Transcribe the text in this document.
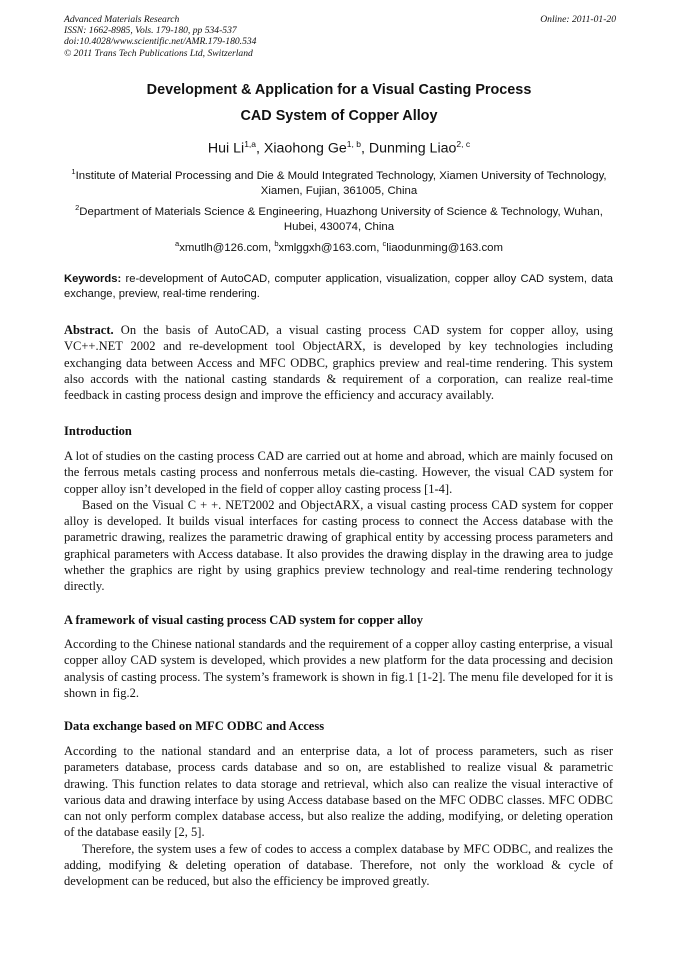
Advanced Materials Research
ISSN: 1662-8985, Vols. 179-180, pp 534-537
doi:10.4028/www.scientific.net/AMR.179-180.534
© 2011 Trans Tech Publications Ltd, Switzerland
Online: 2011-01-20
Development & Application for a Visual Casting Process
CAD System of Copper Alloy
Hui Li$^{1,a}$, Xiaohong Ge$^{1, b}$, Dunming Liao$^{2, c}$
$^1$Institute of Material Processing and Die & Mould Integrated Technology, Xiamen University of Technology, Xiamen, Fujian, 361005, China
$^2$Department of Materials Science & Engineering, Huazhong University of Science & Technology, Wuhan, Hubei, 430074, China
$^a$xmutlh@126.com, $^b$xmlggxh@163.com, $^c$liaodunming@163.com
Keywords: re-development of AutoCAD, computer application, visualization, copper alloy CAD system, data exchange, preview, real-time rendering.
Abstract. On the basis of AutoCAD, a visual casting process CAD system for copper alloy, using VC++.NET 2002 and re-development tool ObjectARX, is developed by key technologies including exchanging data between Access and MFC ODBC, graphics preview and real-time rendering. This system also accords with the national casting standards & requirement of a corporation, can realize real-time feedback in casting process design and improve the efficiency and accuracy availably.
Introduction

A lot of studies on the casting process CAD are carried out at home and abroad, which are mainly focused on the ferrous metals casting process and nonferrous metals die-casting. However, the visual CAD system for copper alloy isn’t developed in the field of copper alloy casting process [1-4].

Based on the Visual C + +. NET2002 and ObjectARX, a visual casting process CAD system for copper alloy is developed. It builds visual interfaces for casting process to connect the Access database with the parametric drawing, realizes the parametric drawing of graphical entity by accessing process parameters and graphical parameters with Access database. It also provides the drawing display in the drawing area to judge whether the graphics are right by using graphics preview technology and real-time rendering technology directly.

A framework of visual casting process CAD system for copper alloy

According to the Chinese national standards and the requirement of a copper alloy casting enterprise, a visual copper alloy CAD system is developed, which provides a new platform for the data processing and decision analysis of casting process. The system’s framework is shown in fig.1 [1-2]. The menu file developed for it is shown in fig.2.

Data exchange based on MFC ODBC and Access

According to the national standard and an enterprise data, a lot of process parameters, such as riser parameters database, process cards database and so on, are established to realize visual & parametric drawing. This function relates to data storage and retrieval, which also can realize the visual interactive of various data and drawing interface by using Access database based on the MFC ODBC classes. MFC ODBC can not only perform complex database access, but also realize the adding, modifying, or deleting operation of the database easily [2, 5].

Therefore, the system uses a few of codes to access a complex database by MFC ODBC, and realizes the adding, modifying & deleting operation of database. Therefore, not only the workload & cycle of development can be reduced, but also the efficiency be improved greatly.
